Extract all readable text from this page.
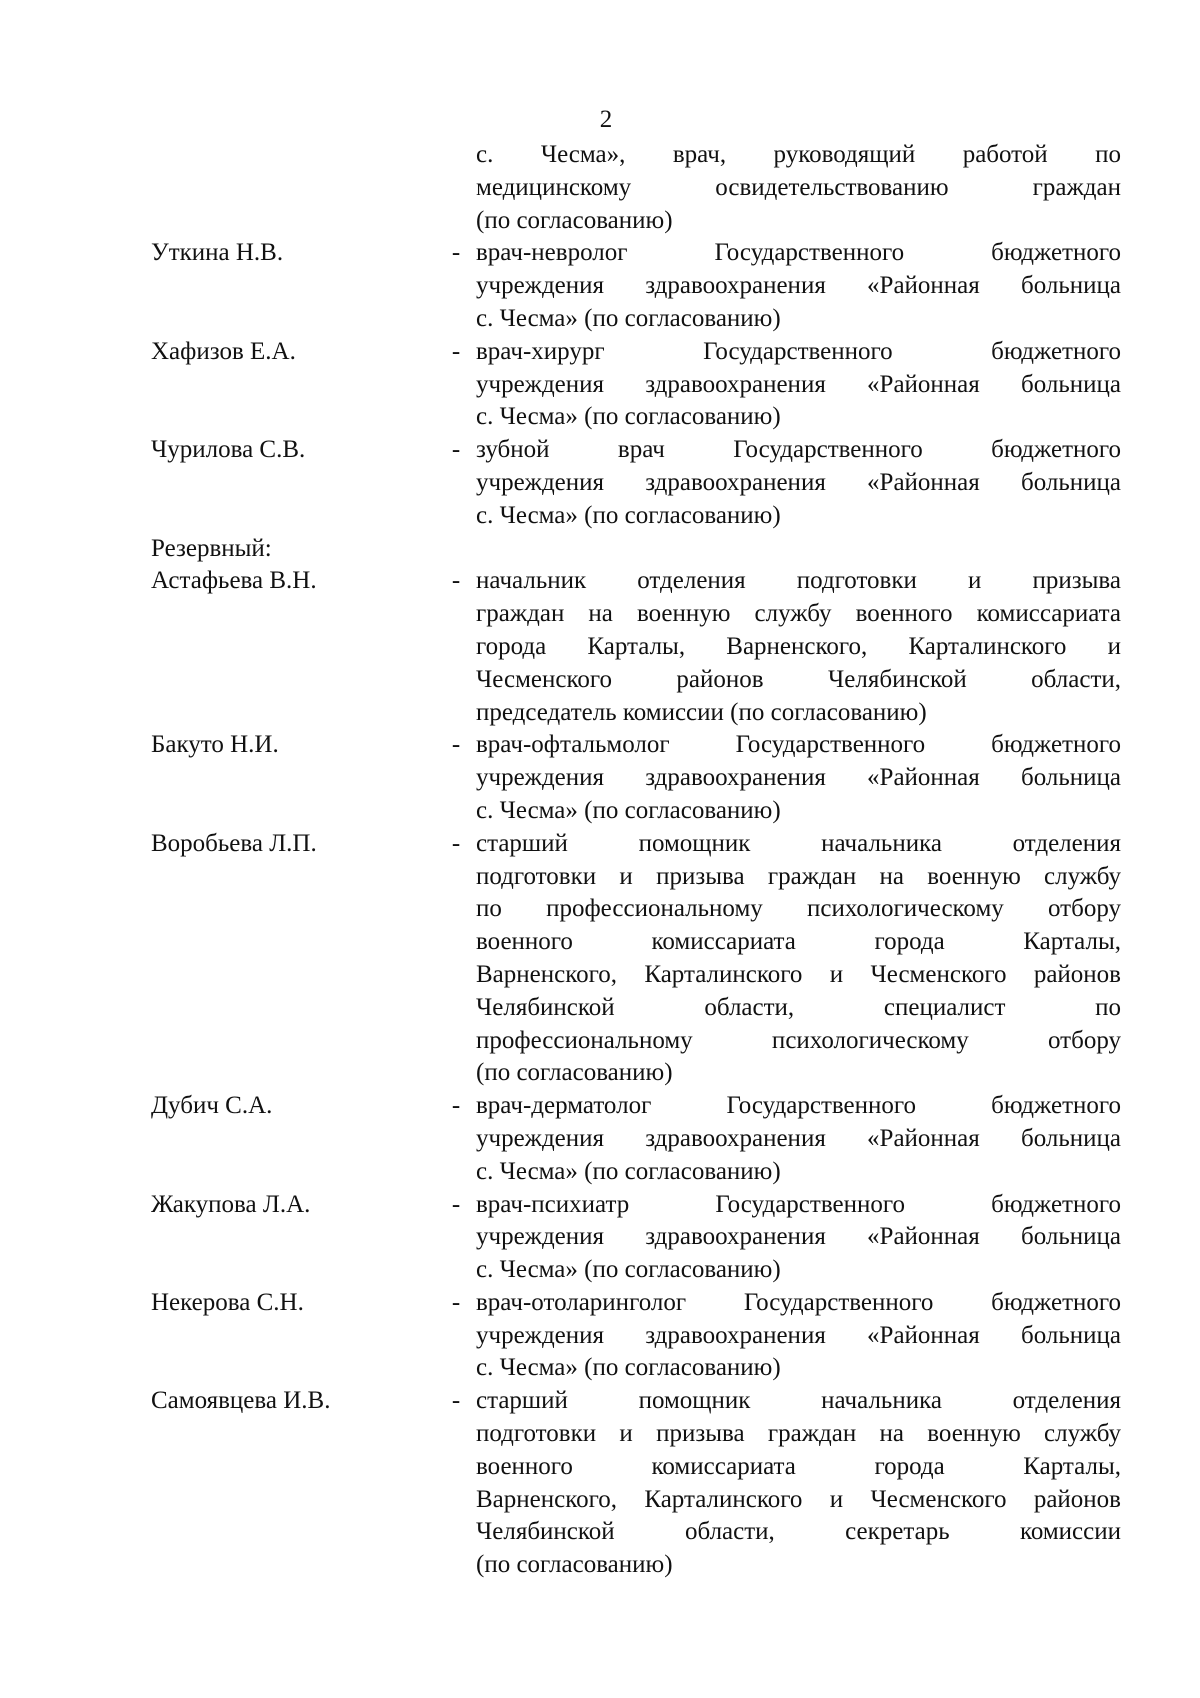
2
с. Чесма», врач, руководящий работой по
медицинскому освидетельствованию граждан
(по согласованию)
Уткина Н.В.	- врач-невролог Государственного бюджетного
учреждения здравоохранения «Районная больница
с. Чесма» (по согласованию)
Хафизов Е.А.	- врач-хирург Государственного бюджетного
учреждения здравоохранения «Районная больница
с. Чесма» (по согласованию)
Чурилова С.В.	- зубной врач Государственного бюджетного
учреждения здравоохранения «Районная больница
с. Чесма» (по согласованию)
Резервный:
Астафьева В.Н.	- начальник отделения подготовки и призыва
граждан на военную службу военного комиссариата
города Карталы, Варненского, Карталинского и
Чесменского районов Челябинской области,
председатель комиссии (по согласованию)
Бакуто Н.И.	- врач-офтальмолог Государственного бюджетного
учреждения здравоохранения «Районная больница
с. Чесма» (по согласованию)
Воробьева Л.П.	- старший помощник начальника отделения
подготовки и призыва граждан на военную службу
по профессиональному психологическому отбору
военного комиссариата города Карталы,
Варненского, Карталинского и Чесменского районов
Челябинской области, специалист по
профессиональному психологическому отбору
(по согласованию)
Дубич С.А.	- врач-дерматолог Государственного бюджетного
учреждения здравоохранения «Районная больница
с. Чесма» (по согласованию)
Жакупова Л.А.	- врач-психиатр Государственного бюджетного
учреждения здравоохранения «Районная больница
с. Чесма» (по согласованию)
Некерова С.Н.	- врач-отоларинголог Государственного бюджетного
учреждения здравоохранения «Районная больница
с. Чесма» (по согласованию)
Самоявцева И.В.	- старший помощник начальника отделения
подготовки и призыва граждан на военную службу
военного комиссариата города Карталы,
Варненского, Карталинского и Чесменского районов
Челябинской области, секретарь комиссии
(по согласованию)
